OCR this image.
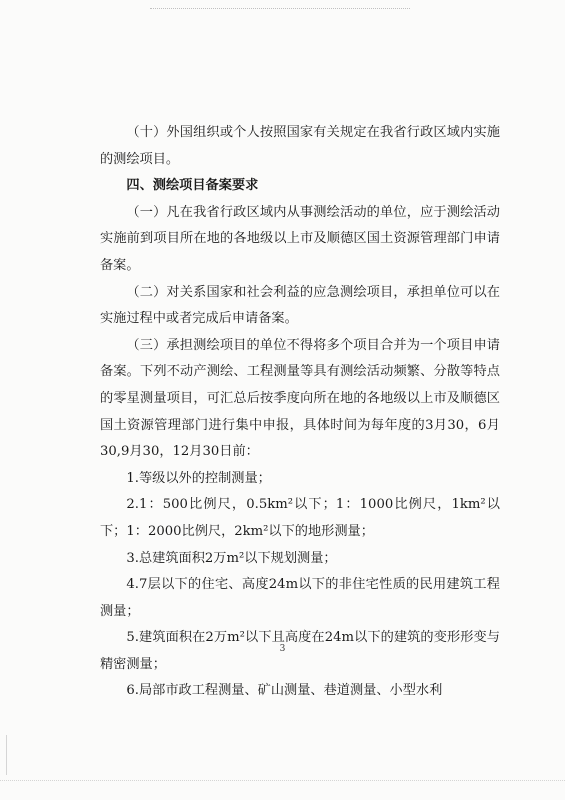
（十）外国组织或个人按照国家有关规定在我省行政区域内实施的测绘项目。

四、测绘项目备案要求

（一）凡在我省行政区域内从事测绘活动的单位，应于测绘活动实施前到项目所在地的各地级以上市及顺德区国土资源管理部门申请备案。

（二）对关系国家和社会利益的应急测绘项目，承担单位可以在实施过程中或者完成后申请备案。

（三）承担测绘项目的单位不得将多个项目合并为一个项目申请备案。下列不动产测绘、工程测量等具有测绘活动频繁、分散等特点的零星测量项目，可汇总后按季度向所在地的各地级以上市及顺德区国土资源管理部门进行集中申报，具体时间为每年度的3月30，6月30,9月30，12月30日前：

1.等级以外的控制测量；

2.1：500比例尺，0.5km²以下；1：1000比例尺，1km²以下；1：2000比例尺，2km²以下的地形测量；

3.总建筑面积2万m²以下规划测量；

4.7层以下的住宅、高度24m以下的非住宅性质的民用建筑工程测量；

5.建筑面积在2万m²以下且高度在24m以下的建筑的变形形变与精密测量；

6.局部市政工程测量、矿山测量、巷道测量、小型水利

3
